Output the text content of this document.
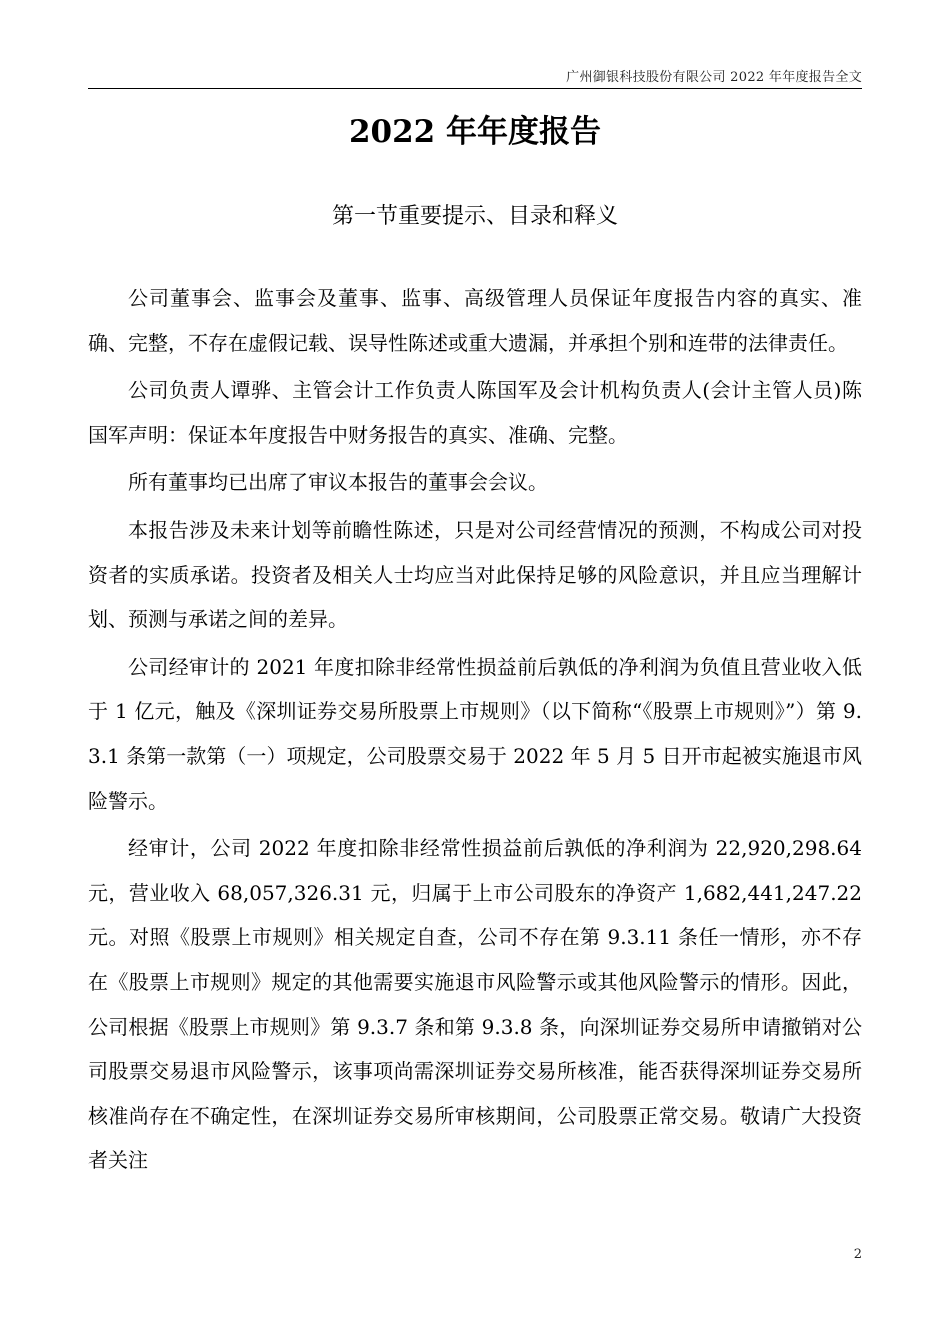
广州御银科技股份有限公司 2022 年年度报告全文
2022 年年度报告
第一节重要提示、目录和释义

公司董事会、监事会及董事、监事、高级管理人员保证年度报告内容的真实、准确、完整，不存在虚假记载、误导性陈述或重大遗漏，并承担个别和连带的法律责任。

公司负责人谭骅、主管会计工作负责人陈国军及会计机构负责人(会计主管人员)陈国军声明：保证本年度报告中财务报告的真实、准确、完整。

所有董事均已出席了审议本报告的董事会会议。

本报告涉及未来计划等前瞻性陈述，只是对公司经营情况的预测，不构成公司对投资者的实质承诺。投资者及相关人士均应当对此保持足够的风险意识，并且应当理解计划、预测与承诺之间的差异。

公司经审计的 2021 年度扣除非经常性损益前后孰低的净利润为负值且营业收入低于 1 亿元，触及《深圳证券交易所股票上市规则》（以下简称“《股票上市规则》”）第 9.3.1 条第一款第（一）项规定，公司股票交易于 2022 年 5 月 5 日开市起被实施退市风险警示。

经审计，公司 2022 年度扣除非经常性损益前后孰低的净利润为 22,920,298.64 元，营业收入 68,057,326.31 元，归属于上市公司股东的净资产 1,682,441,247.22 元。对照《股票上市规则》相关规定自查，公司不存在第 9.3.11 条任一情形，亦不存在《股票上市规则》规定的其他需要实施退市风险警示或其他风险警示的情形。因此，公司根据《股票上市规则》第 9.3.7 条和第 9.3.8 条，向深圳证券交易所申请撤销对公司股票交易退市风险警示，该事项尚需深圳证券交易所核准，能否获得深圳证券交易所核准尚存在不确定性，在深圳证券交易所审核期间，公司股票正常交易。敬请广大投资者关注

2
